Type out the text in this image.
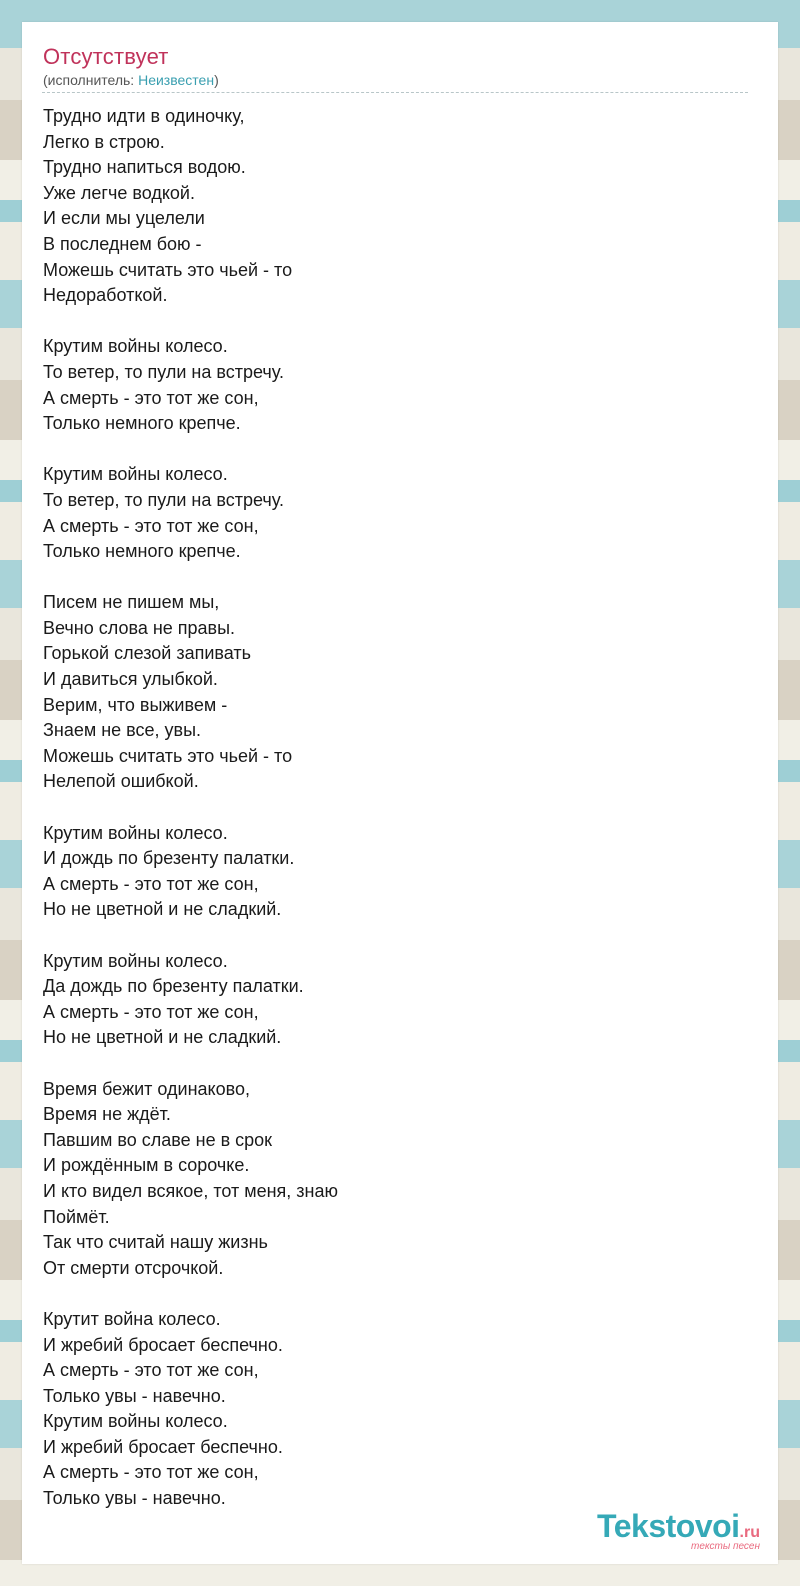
Отсутствует
(исполнитель: Неизвестен)
Трудно идти в одиночку,
Легко в строю.
Трудно напиться водою.
Уже легче водкой.
И если мы уцелели
В последнем бою -
Можешь считать это чьей - то
Недоработкой.
Крутим войны колесо.
То ветер, то пули на встречу.
А смерть - это тот же сон,
Только немного крепче.
Крутим войны колесо.
То ветер, то пули на встречу.
А смерть - это тот же сон,
Только немного крепче.
Писем не пишем мы,
Вечно слова не правы.
Горькой слезой запивать
И давиться улыбкой.
Верим, что выживем -
Знаем не все, увы.
Можешь считать это чьей - то
Нелепой ошибкой.
Крутим войны колесо.
И дождь по брезенту палатки.
А смерть - это тот же сон,
Но не цветной и не сладкий.
Крутим войны колесо.
Да дождь по брезенту палатки.
А смерть - это тот же сон,
Но не цветной и не сладкий.
Время бежит одинаково,
Время не ждёт.
Павшим во славе не в срок
И рождённым в сорочке.
И кто видел всякое, тот меня, знаю
Поймёт.
Так что считай нашу жизнь
От смерти отсрочкой.
Крутит война колесо.
И жребий бросает беспечно.
А смерть - это тот же сон,
Только увы - навечно.
Крутим войны колесо.
И жребий бросает беспечно.
А смерть - это тот же сон,
Только увы - навечно.
Tekstovoi.ru
тексты песен
